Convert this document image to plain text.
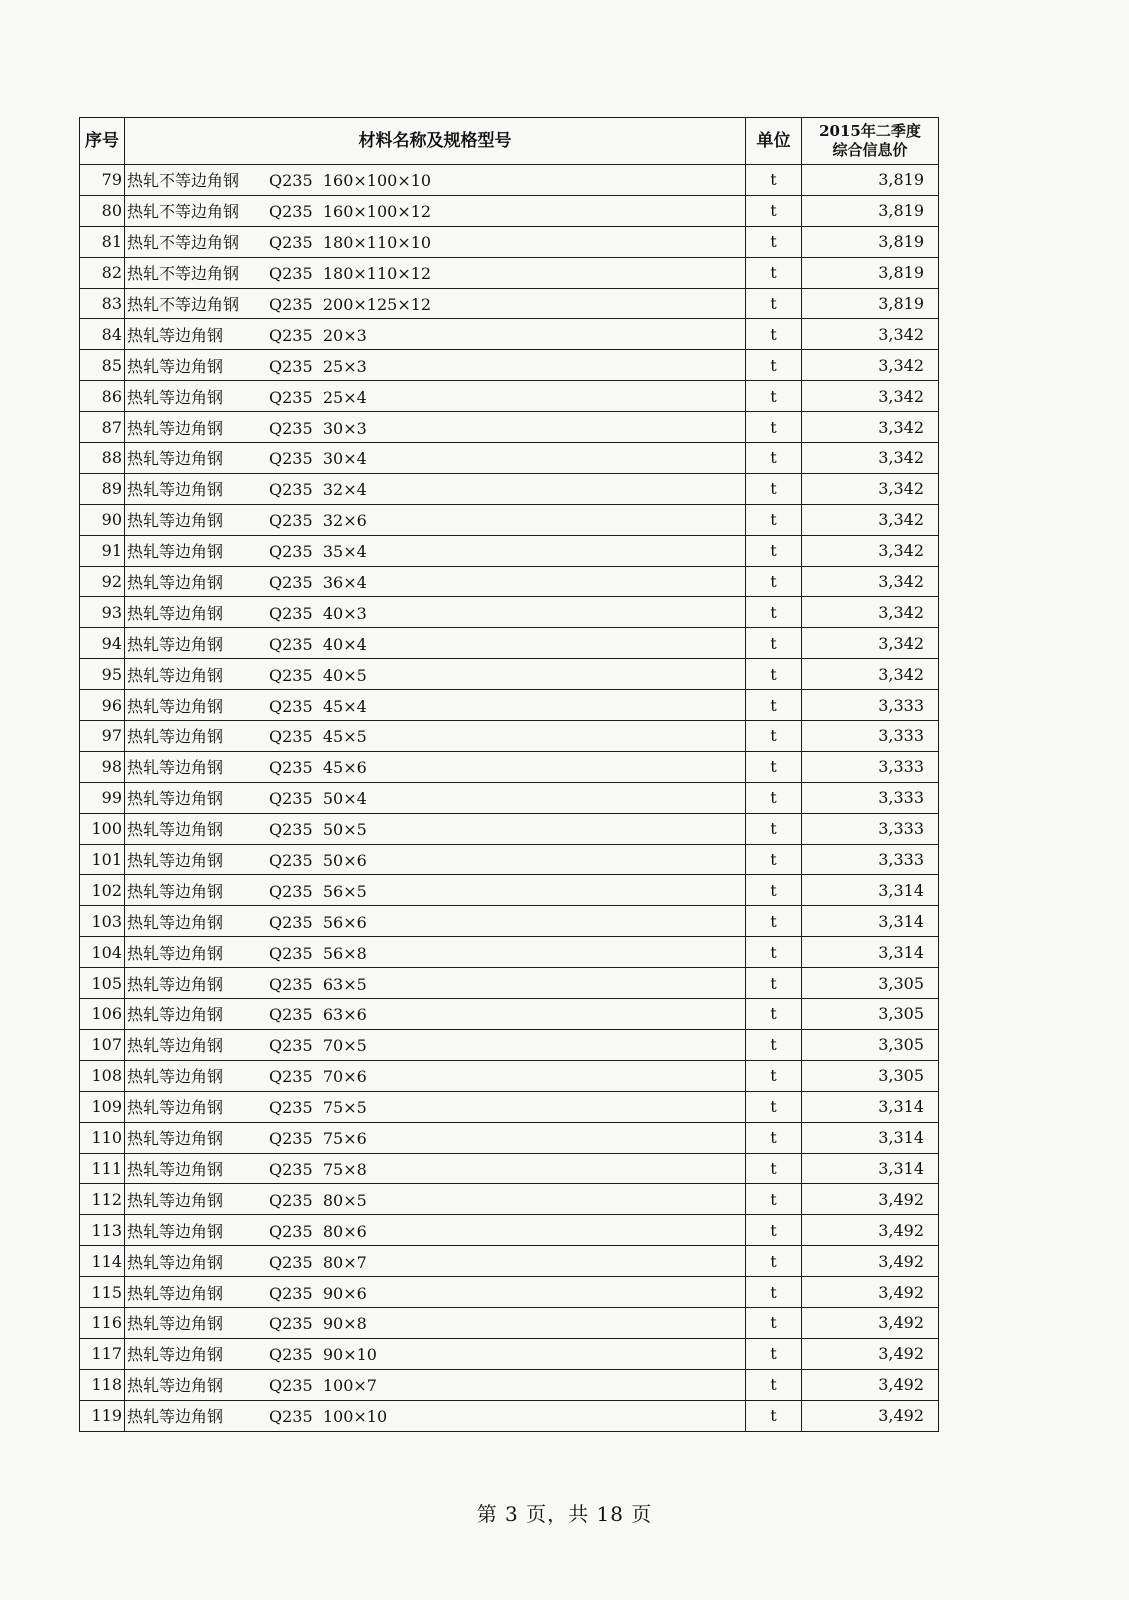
序号	材料名称及规格型号	单位	2015年二季度
综合信息价

79	热轧不等边角钢 Q235  160×100×10	t	3,819
80	热轧不等边角钢 Q235  160×100×12	t	3,819
81	热轧不等边角钢 Q235  180×110×10	t	3,819
82	热轧不等边角钢 Q235  180×110×12	t	3,819
83	热轧不等边角钢 Q235  200×125×12	t	3,819
84	热轧等边角钢 Q235  20×3	t	3,342
85	热轧等边角钢 Q235  25×3	t	3,342
86	热轧等边角钢 Q235  25×4	t	3,342
87	热轧等边角钢 Q235  30×3	t	3,342
88	热轧等边角钢 Q235  30×4	t	3,342
89	热轧等边角钢 Q235  32×4	t	3,342
90	热轧等边角钢 Q235  32×6	t	3,342
91	热轧等边角钢 Q235  35×4	t	3,342
92	热轧等边角钢 Q235  36×4	t	3,342
93	热轧等边角钢 Q235  40×3	t	3,342
94	热轧等边角钢 Q235  40×4	t	3,342
95	热轧等边角钢 Q235  40×5	t	3,342
96	热轧等边角钢 Q235  45×4	t	3,333
97	热轧等边角钢 Q235  45×5	t	3,333
98	热轧等边角钢 Q235  45×6	t	3,333
99	热轧等边角钢 Q235  50×4	t	3,333
100	热轧等边角钢 Q235  50×5	t	3,333
101	热轧等边角钢 Q235  50×6	t	3,333
102	热轧等边角钢 Q235  56×5	t	3,314
103	热轧等边角钢 Q235  56×6	t	3,314
104	热轧等边角钢 Q235  56×8	t	3,314
105	热轧等边角钢 Q235  63×5	t	3,305
106	热轧等边角钢 Q235  63×6	t	3,305
107	热轧等边角钢 Q235  70×5	t	3,305
108	热轧等边角钢 Q235  70×6	t	3,305
109	热轧等边角钢 Q235  75×5	t	3,314
110	热轧等边角钢 Q235  75×6	t	3,314
111	热轧等边角钢 Q235  75×8	t	3,314
112	热轧等边角钢 Q235  80×5	t	3,492
113	热轧等边角钢 Q235  80×6	t	3,492
114	热轧等边角钢 Q235  80×7	t	3,492
115	热轧等边角钢 Q235  90×6	t	3,492
116	热轧等边角钢 Q235  90×8	t	3,492
117	热轧等边角钢 Q235  90×10	t	3,492
118	热轧等边角钢 Q235  100×7	t	3,492
119	热轧等边角钢 Q235  100×10	t	3,492
第 3 页，共 18 页
